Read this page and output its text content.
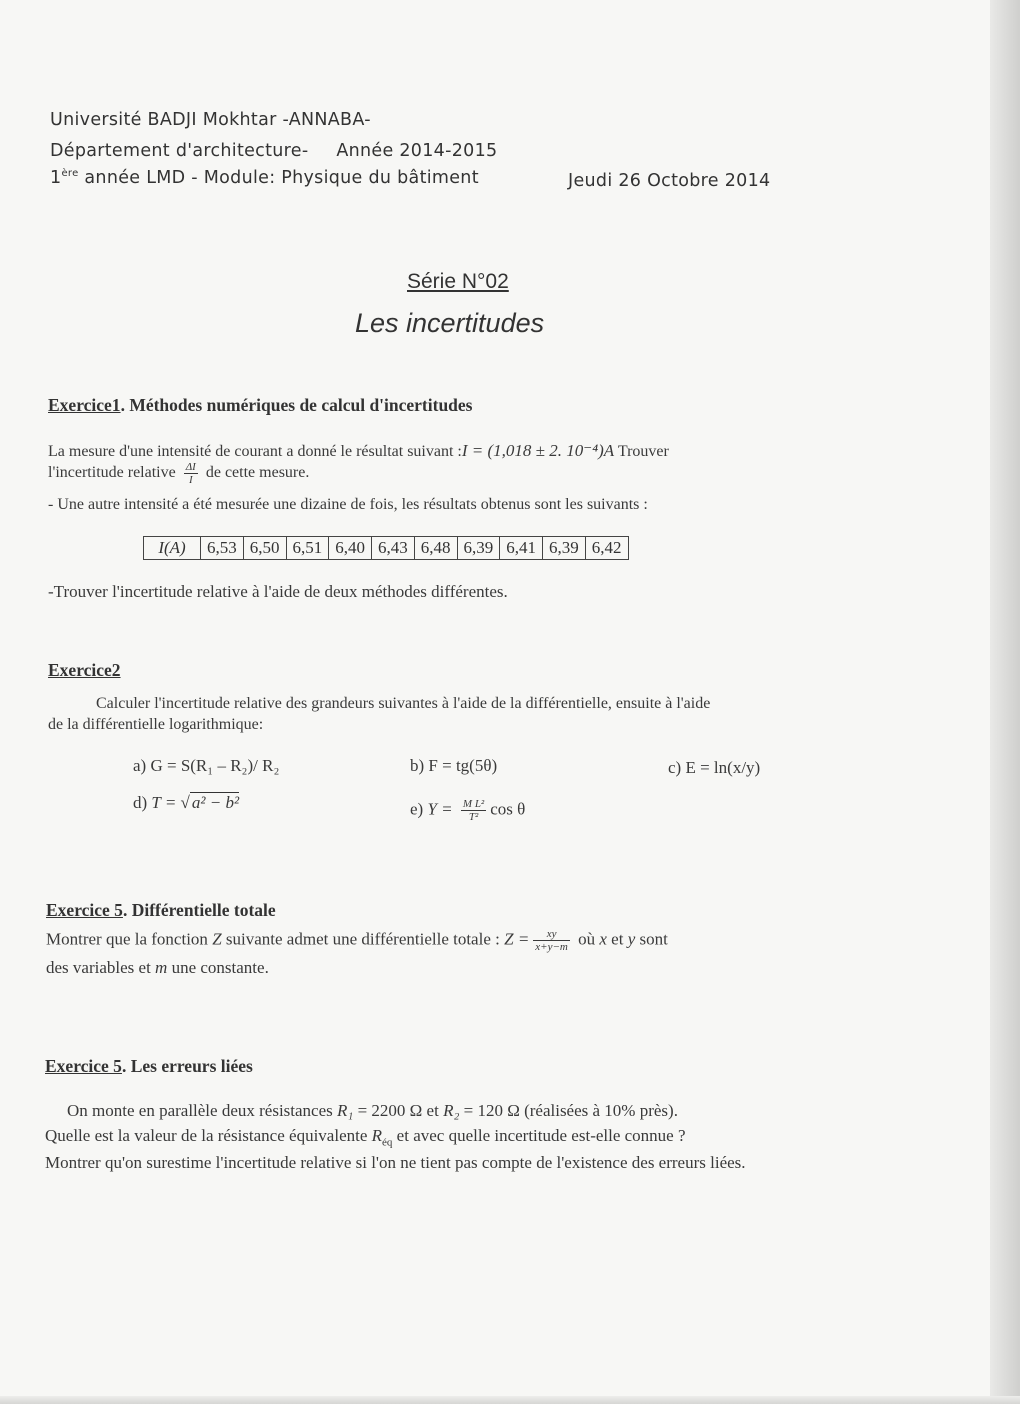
Université BADJI Mokhtar -ANNABA-
Département d'architecture- Année 2014-2015
1ère année LMD - Module: Physique du bâtiment	Jeudi 26 Octobre 2014
Série N°02
Les incertitudes
Exercice1. Méthodes numériques de calcul d'incertitudes
La mesure d'une intensité de courant a donné le résultat suivant :I = (1,018 ± 2. 10⁻⁴)A Trouver
l'incertitude relative $\frac{\Delta I}{I}$ de cette mesure.
- Une autre intensité a été mesurée une dizaine de fois, les résultats obtenus sont les suivants :
I(A)	6,53	6,50	6,51	6,40	6,43	6,48	6,39	6,41	6,39	6,42
-Trouver l'incertitude relative à l'aide de deux méthodes différentes.
Exercice2
Calculer l'incertitude relative des grandeurs suivantes à l'aide de la différentielle, ensuite à l'aide
de la différentielle logarithmique:
a) G = S(R₁ – R₂)/ R₂	b) F = tg(5θ)	c) E = ln(x/y)
d) T = √ a² − b²	e) $Y = \frac{\text{M L²}}{\text{T²}}$ cos θ
Exercice 5. Différentielle totale
Montrer que la fonction Z suivante admet une différentielle totale : $Z = \frac{xy}{x+y-m}$ où x et y sont
des variables et m une constante.
Exercice 5. Les erreurs liées
On monte en parallèle deux résistances R₁ = 2200 Ω et R₂ = 120 Ω (réalisées à 10% près).
Quelle est la valeur de la résistance équivalente $R_{éq}$ et avec quelle incertitude est-elle connue ?
Montrer qu'on surestime l'incertitude relative si l'on ne tient pas compte de l'existence des erreurs liées.
